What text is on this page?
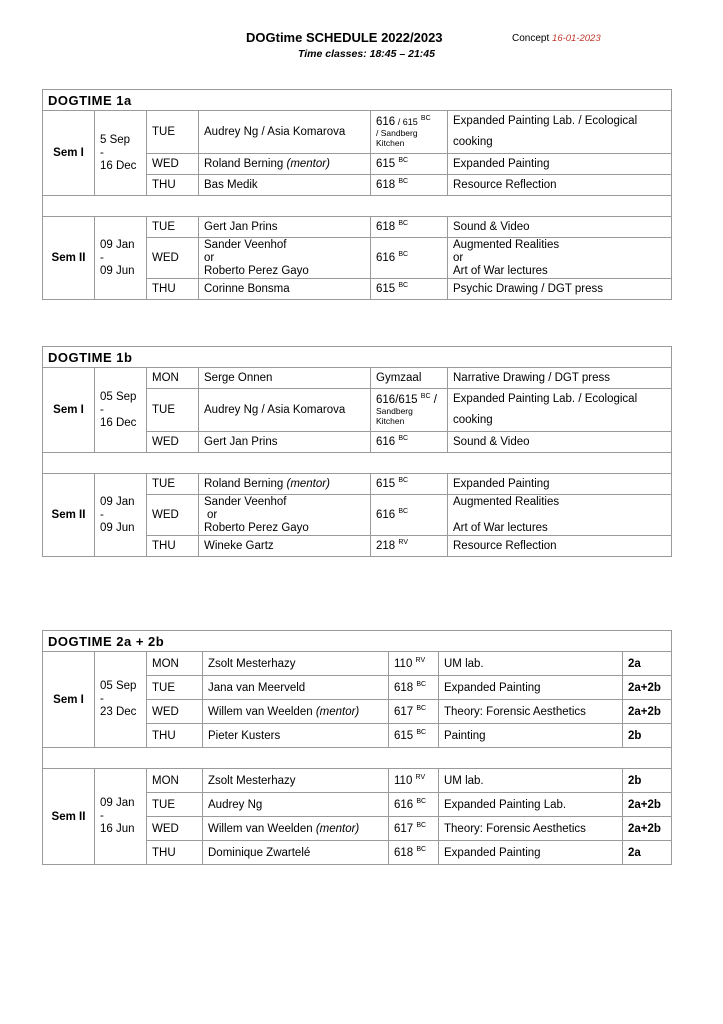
DOGtime SCHEDULE 2022/2023
Time classes: 18:45 – 21:45
Concept 16-01-2023
DOGTIME 1a					
Sem I	5 Sep
-
16 Dec	TUE	Audrey Ng / Asia Komarova	616 / 615 $^{BC}$
/ Sandberg Kitchen	Expanded Painting Lab. / Ecological cooking
		WED	Roland Berning (mentor)	615 $^{BC}$	Expanded Painting
		THU	Bas Medik	618 $^{BC}$	Resource Reflection

Sem II	09 Jan
-
09 Jun	TUE	Gert Jan Prins	618 $^{BC}$	Sound & Video
		WED	Sander Veenhof
or
Roberto Perez Gayo	616 $^{BC}$	Augmented Realities
or
Art of War lectures

		THU	Corinne Bonsma	615 $^{BC}$	Psychic Drawing / DGT press
DOGTIME 1b					
Sem I	05 Sep
-
16 Dec	MON	Serge Onnen	Gymzaal	Narrative Drawing / DGT press
		TUE	Audrey Ng / Asia Komarova	616/615 $^{BC}$ /
Sandberg Kitchen	Expanded Painting Lab. / Ecological cooking
		WED	Gert Jan Prins	616 $^{BC}$	Sound & Video

Sem II	09 Jan
-
09 Jun	TUE	Roland Berning (mentor)	615 $^{BC}$	Expanded Painting
		WED	Sander Veenhof
or
Roberto Perez Gayo	616 $^{BC}$	Augmented Realities

Art of War lectures

		THU	Wineke Gartz	218 $^{RV}$	Resource Reflection
DOGTIME 2a + 2b						
Sem I	05 Sep
-
23 Dec	MON	Zsolt Mesterhazy	110 $^{RV}$	UM lab.	2a
		TUE	Jana van Meerveld	618 $^{BC}$	Expanded Painting	2a+2b
		WED	Willem van Weelden (mentor)	617 $^{BC}$	Theory: Forensic Aesthetics	2a+2b
		THU	Pieter Kusters	615 $^{BC}$	Painting	2b

Sem II	09 Jan
-
16 Jun	MON	Zsolt Mesterhazy	110 $^{RV}$	UM lab.	2b
		TUE	Audrey Ng	616 $^{BC}$	Expanded Painting Lab.	2a+2b
		WED	Willem van Weelden (mentor)	617 $^{BC}$	Theory: Forensic Aesthetics	2a+2b
		THU	Dominique Zwartelé	618 $^{BC}$	Expanded Painting	2a
